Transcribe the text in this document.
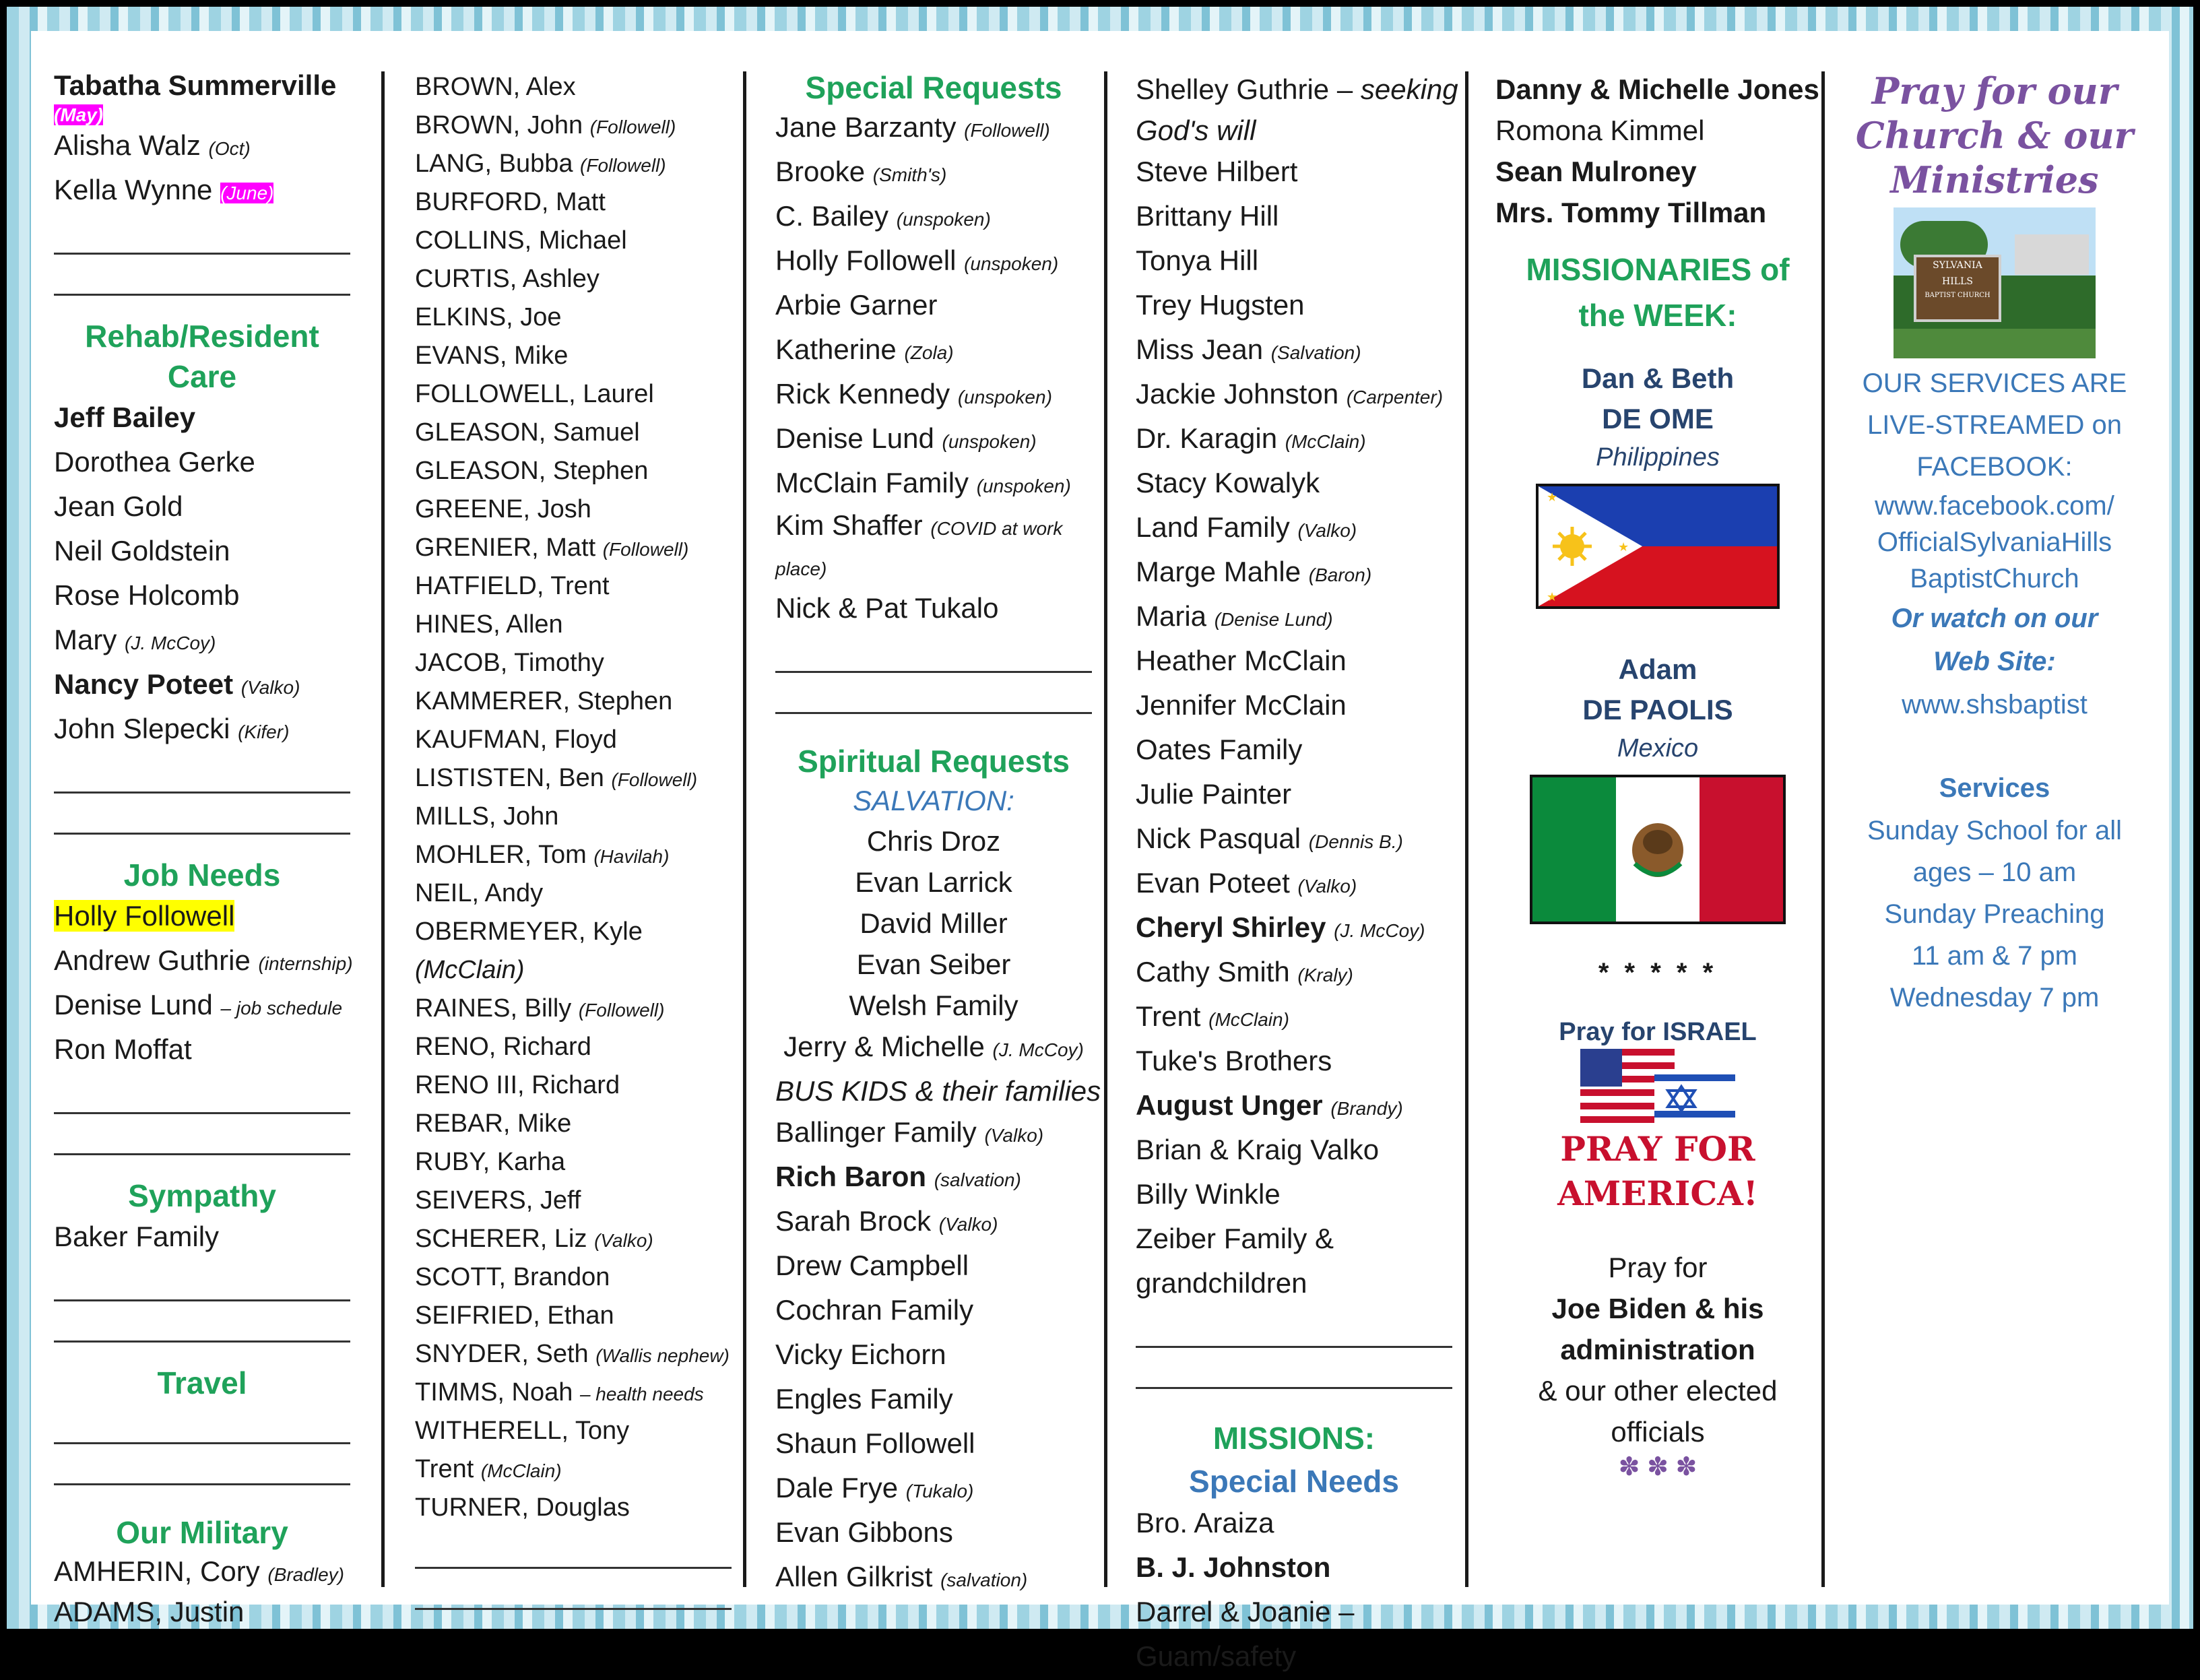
Tabatha Summerville
(May)
Alisha Walz (Oct)
Kella Wynne (June)
Rehab/Resident Care
Jeff Bailey
Dorothea Gerke
Jean Gold
Neil Goldstein
Rose Holcomb
Mary (J. McCoy)
Nancy Poteet (Valko)
John Slepecki (Kifer)
Job Needs
Holly Followell
Andrew Guthrie (internship)
Denise Lund – job schedule
Ron Moffat
Sympathy
Baker Family
Travel
Our Military
AMHERIN, Cory (Bradley)
ADAMS, Justin
BROWN, Alex
BROWN, John (Followell)
LANG, Bubba (Followell)
BURFORD, Matt
COLLINS, Michael
CURTIS, Ashley
ELKINS, Joe
EVANS, Mike
FOLLOWELL, Laurel
GLEASON, Samuel
GLEASON, Stephen
GREENE, Josh
GRENIER, Matt (Followell)
HATFIELD, Trent
HINES, Allen
JACOB, Timothy
KAMMERER, Stephen
KAUFMAN, Floyd
LISTISTEN, Ben (Followell)
MILLS, John
MOHLER, Tom (Havilah)
NEIL, Andy
OBERMEYER, Kyle
(McClain)
RAINES, Billy (Followell)
RENO, Richard
RENO III, Richard
REBAR, Mike
RUBY, Karha
SEIVERS, Jeff
SCHERER, Liz (Valko)
SCOTT, Brandon
SEIFRIED, Ethan
SNYDER, Seth (Wallis nephew)
TIMMS, Noah – health needs
WITHERELL, Tony
Trent (McClain)
TURNER, Douglas
Special Requests
Jane Barzanty (Followell)
Brooke (Smith's)
C. Bailey (unspoken)
Holly Followell (unspoken)
Arbie Garner
Katherine (Zola)
Rick Kennedy (unspoken)
Denise Lund (unspoken)
McClain Family (unspoken)
Kim Shaffer (COVID at work
place)
Nick & Pat Tukalo
Spiritual Requests
SALVATION:
Chris Droz
Evan Larrick
David Miller
Evan Seiber
Welsh Family
Jerry & Michelle (J. McCoy)
BUS KIDS & their families
Ballinger Family (Valko)
Rich Baron (salvation)
Sarah Brock (Valko)
Drew Campbell
Cochran Family
Vicky Eichorn
Engles Family
Shaun Followell
Dale Frye (Tukalo)
Evan Gibbons
Allen Gilkrist (salvation)
Shelley Guthrie – seeking
God's will
Steve Hilbert
Brittany Hill
Tonya Hill
Trey Hugsten
Miss Jean (Salvation)
Jackie Johnston (Carpenter)
Dr. Karagin (McClain)
Stacy Kowalyk
Land Family (Valko)
Marge Mahle (Baron)
Maria (Denise Lund)
Heather McClain
Jennifer McClain
Oates Family
Julie Painter
Nick Pasqual (Dennis B.)
Evan Poteet (Valko)
Cheryl Shirley (J. McCoy)
Cathy Smith (Kraly)
Trent (McClain)
Tuke's Brothers
August Unger (Brandy)
Brian & Kraig Valko
Billy Winkle
Zeiber Family &
grandchildren
MISSIONS:
Special Needs
Bro. Araiza
B. J. Johnston
Darrel & Joanie –
Guam/safety
Danny & Michelle Jones
Romona Kimmel
Sean Mulroney
Mrs. Tommy Tillman
MISSIONARIES of the WEEK:
Dan & Beth
DE OME
Philippines
★
★
★
Adam
DE PAOLIS
Mexico
* * * * *
Pray for ISRAEL
PRAY FOR
AMERICA!
Pray for
Joe Biden & his
administration
& our other elected
officials
✽ ✽ ✽
Pray for our
Church & our
Ministries
SYLVANIA
HILLS
BAPTIST CHURCH
OUR SERVICES ARE
LIVE-STREAMED on
FACEBOOK:
www.facebook.com/
OfficialSylvaniaHills
BaptistChurch
Or watch on our
Web Site:
www.shsbaptist
Services
Sunday School for all
ages – 10 am
Sunday Preaching
11 am & 7 pm
Wednesday 7 pm
